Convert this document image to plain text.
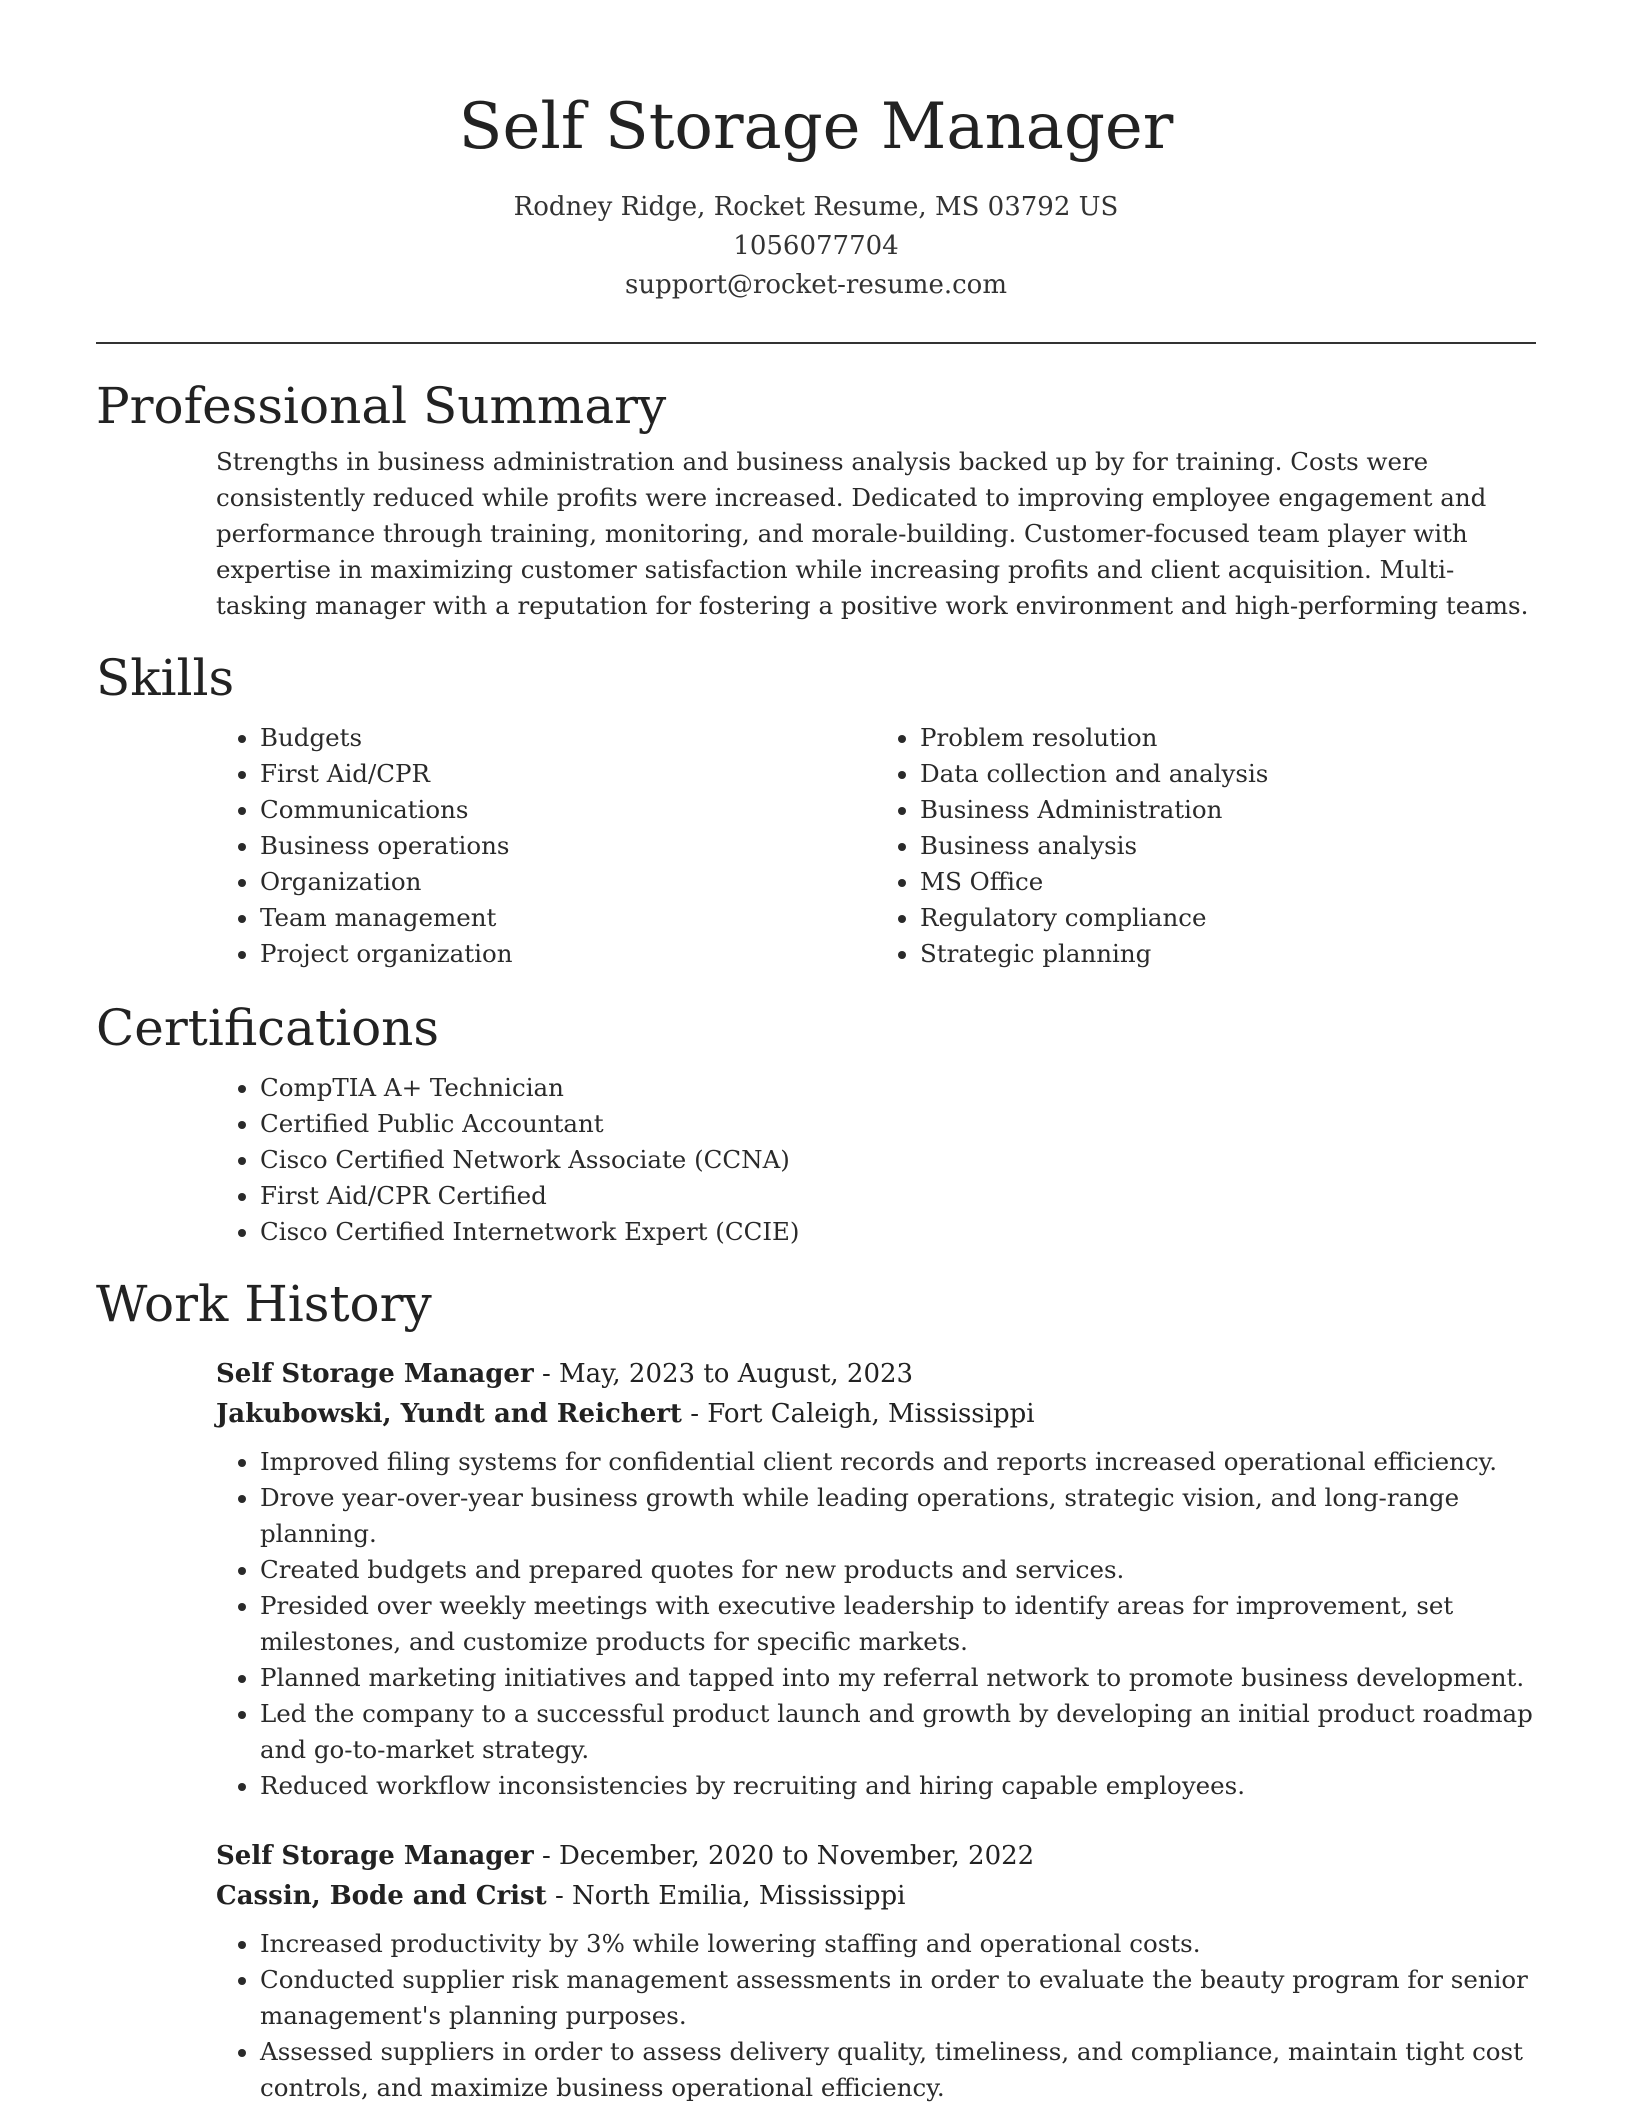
Self Storage Manager
Rodney Ridge, Rocket Resume, MS 03792 US
1056077704
support@rocket-resume.com
Professional Summary

Strengths in business administration and business analysis backed up by for training. Costs were consistently reduced while profits were increased. Dedicated to improving employee engagement and performance through training, monitoring, and morale-building. Customer-focused team player with expertise in maximizing customer satisfaction while increasing profits and client acquisition. Multi-tasking manager with a reputation for fostering a positive work environment and high-performing teams.

Skills
• Budgets
• First Aid/CPR
• Communications
• Business operations
• Organization
• Team management
• Project organization
• Problem resolution
• Data collection and analysis
• Business Administration
• Business analysis
• MS Office
• Regulatory compliance
• Strategic planning
Certifications
• CompTIA A+ Technician
• Certified Public Accountant
• Cisco Certified Network Associate (CCNA)
• First Aid/CPR Certified
• Cisco Certified Internetwork Expert (CCIE)
Work History
Self Storage Manager - May, 2023 to August, 2023
Jakubowski, Yundt and Reichert - Fort Caleigh, Mississippi
• Improved filing systems for confidential client records and reports increased operational efficiency.
• Drove year-over-year business growth while leading operations, strategic vision, and long-range planning.
• Created budgets and prepared quotes for new products and services.
• Presided over weekly meetings with executive leadership to identify areas for improvement, set milestones, and customize products for specific markets.
• Planned marketing initiatives and tapped into my referral network to promote business development.
• Led the company to a successful product launch and growth by developing an initial product roadmap and go-to-market strategy.
• Reduced workflow inconsistencies by recruiting and hiring capable employees.
Self Storage Manager - December, 2020 to November, 2022
Cassin, Bode and Crist - North Emilia, Mississippi
• Increased productivity by 3% while lowering staffing and operational costs.
• Conducted supplier risk management assessments in order to evaluate the beauty program for senior management's planning purposes.
• Assessed suppliers in order to assess delivery quality, timeliness, and compliance, maintain tight cost controls, and maximize business operational efficiency.
